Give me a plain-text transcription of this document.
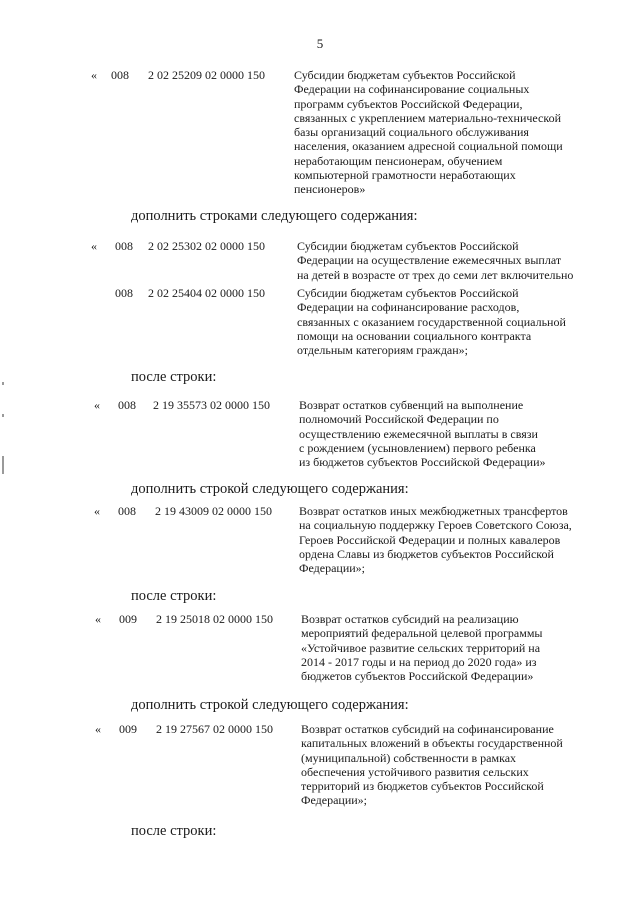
5
« 008	2 02 25209 02 0000 150	Субсидии бюджетам субъектов Российской
Федерации на софинансирование социальных
программ субъектов Российской Федерации,
связанных с укреплением материально-технической
базы организаций социального обслуживания
населения, оказанием адресной социальной помощи
неработающим пенсионерам, обучением
компьютерной грамотности неработающих
пенсионеров»
дополнить строками следующего содержания:
« 008	2 02 25302 02 0000 150	Субсидии бюджетам субъектов Российской
Федерации на осуществление ежемесячных выплат
на детей в возрасте от трех до семи лет включительно
008	2 02 25404 02 0000 150	Субсидии бюджетам субъектов Российской
Федерации на софинансирование расходов,
связанных с оказанием государственной социальной
помощи на основании социального контракта
отдельным категориям граждан»;
после строки:
« 008	2 19 35573 02 0000 150	Возврат остатков субвенций на выполнение
полномочий Российской Федерации по
осуществлению ежемесячной выплаты в связи
с рождением (усыновлением) первого ребенка
из бюджетов субъектов Российской Федерации»
дополнить строкой следующего содержания:
« 008	2 19 43009 02 0000 150	Возврат остатков иных межбюджетных трансфертов
на социальную поддержку Героев Советского Союза,
Героев Российской Федерации и полных кавалеров
ордена Славы из бюджетов субъектов Российской
Федерации»;
после строки:
« 009	2 19 25018 02 0000 150	Возврат остатков субсидий на реализацию
мероприятий федеральной целевой программы
«Устойчивое развитие сельских территорий на
2014 - 2017 годы и на период до 2020 года» из
бюджетов субъектов Российской Федерации»
дополнить строкой следующего содержания:
« 009	2 19 27567 02 0000 150	Возврат остатков субсидий на софинансирование
капитальных вложений в объекты государственной
(муниципальной) собственности в рамках
обеспечения устойчивого развития сельских
территорий из бюджетов субъектов Российской
Федерации»;
после строки:
